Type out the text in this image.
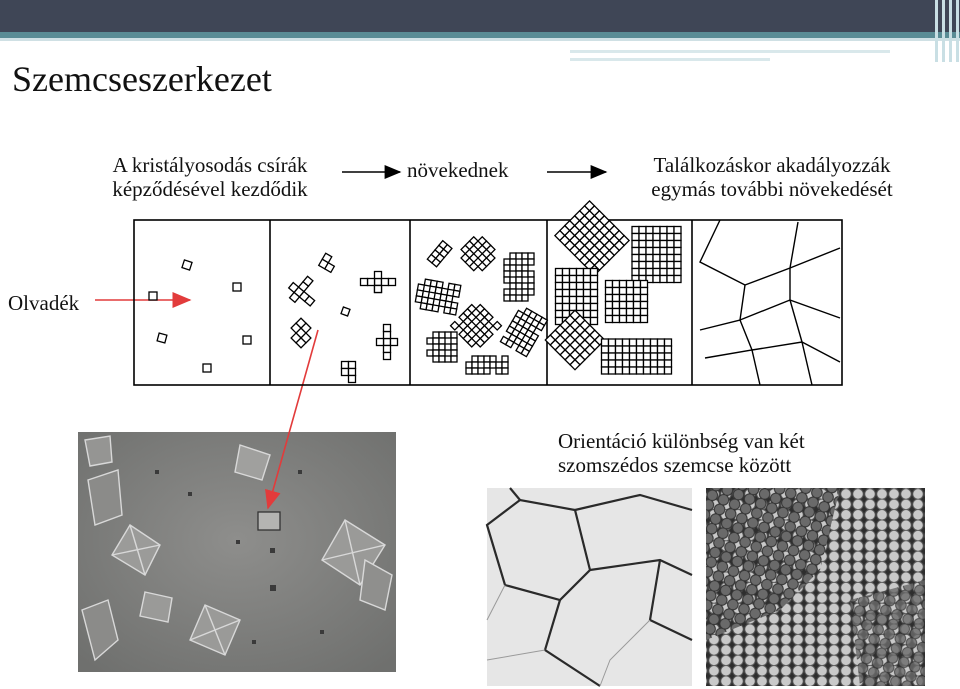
Szemcseszerkezet
A kristályosodás csírák
képződésével kezdődik
növekednek	Találkozáskor akadályozzák
egymás további növekedését
Olvadék
Orientáció különbség van két
szomszédos szemcse között
